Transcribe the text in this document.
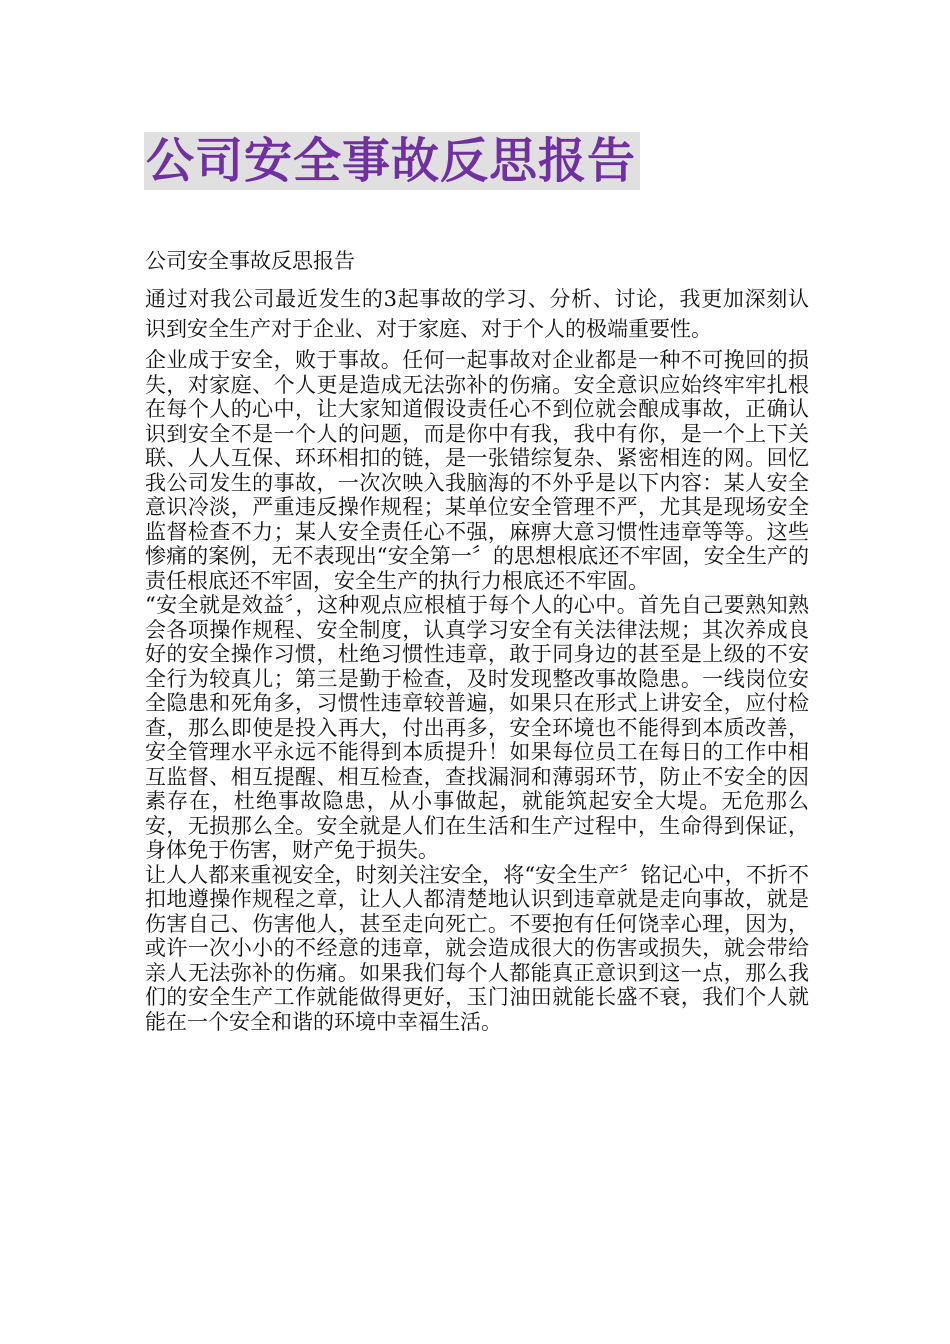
公司安全事故反思报告

公司安全事故反思报告

通过对我公司最近发生的3起事故的学习、分析、讨论，我更加深刻认识到安全生产对于企业、对于家庭、对于个人的极端重要性。

企业成于安全，败于事故。任何一起事故对企业都是一种不可挽回的损失，对家庭、个人更是造成无法弥补的伤痛。安全意识应始终牢牢扎根在每个人的心中，让大家知道假设责任心不到位就会酿成事故，正确认识到安全不是一个人的问题，而是你中有我，我中有你，是一个上下关联、人人互保、环环相扣的链，是一张错综复杂、紧密相连的网。回忆我公司发生的事故，一次次映入我脑海的不外乎是以下内容：某人安全意识冷淡，严重违反操作规程；某单位安全管理不严，尤其是现场安全监督检查不力；某人安全责任心不强，麻痹大意习惯性违章等等。这些惨痛的案例，无不表现出“安全第一〞的思想根底还不牢固，安全生产的责任根底还不牢固，安全生产的执行力根底还不牢固。

“安全就是效益〞，这种观点应根植于每个人的心中。首先自己要熟知熟会各项操作规程、安全制度，认真学习安全有关法律法规；其次养成良好的安全操作习惯，杜绝习惯性违章，敢于同身边的甚至是上级的不安全行为较真儿；第三是勤于检查，及时发现整改事故隐患。一线岗位安全隐患和死角多，习惯性违章较普遍，如果只在形式上讲安全，应付检查，那么即使是投入再大，付出再多，安全环境也不能得到本质改善，安全管理水平永远不能得到本质提升！如果每位员工在每日的工作中相互监督、相互提醒、相互检查，查找漏洞和薄弱环节，防止不安全的因素存在，杜绝事故隐患，从小事做起，就能筑起安全大堤。无危那么安，无损那么全。安全就是人们在生活和生产过程中，生命得到保证，身体免于伤害，财产免于损失。

让人人都来重视安全，时刻关注安全，将“安全生产〞铭记心中，不折不扣地遵操作规程之章，让人人都清楚地认识到违章就是走向事故，就是伤害自己、伤害他人，甚至走向死亡。不要抱有任何饶幸心理，因为，或许一次小小的不经意的违章，就会造成很大的伤害或损失，就会带给亲人无法弥补的伤痛。如果我们每个人都能真正意识到这一点，那么我们的安全生产工作就能做得更好，玉门油田就能长盛不衰，我们个人就能在一个安全和谐的环境中幸福生活。
